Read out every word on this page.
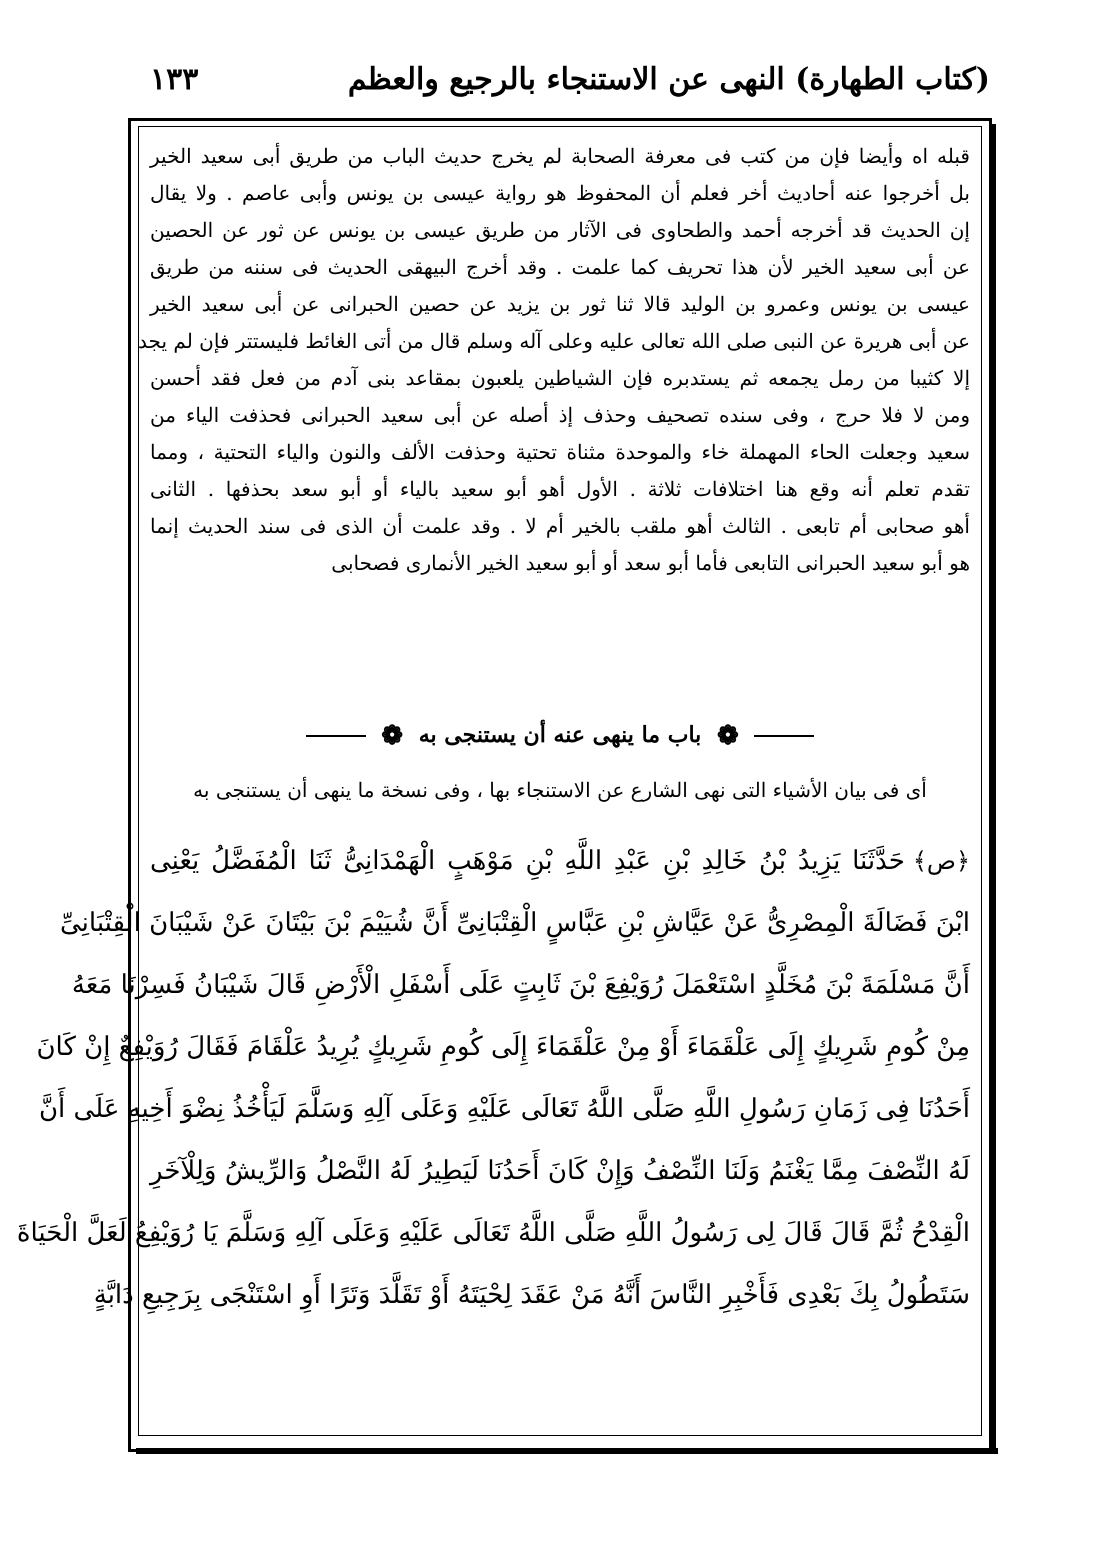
(كتاب الطهارة) النهى عن الاستنجاء بالرجيع والعظم
١٣٣
قبله اه وأيضا فإن من كتب فى معرفة الصحابة لم يخرج حديث الباب من طريق أبى سعيد الخير
بل أخرجوا عنه أحاديث أخر فعلم أن المحفوظ هو رواية عيسى بن يونس وأبى عاصم . ولا يقال
إن الحديث قد أخرجه أحمد والطحاوى فى الآثار من طريق عيسى بن يونس عن ثور عن الحصين
عن أبى سعيد الخير لأن هذا تحريف كما علمت . وقد أخرج البيهقى الحديث فى سننه من طريق
عيسى بن يونس وعمرو بن الوليد قالا ثنا ثور بن يزيد عن حصين الحبرانى عن أبى سعيد الخير
عن أبى هريرة عن النبى صلى الله تعالى عليه وعلى آله وسلم قال من أتى الغائط فليستتر فإن لم يجد
إلا كثيبا من رمل يجمعه ثم يستدبره فإن الشياطين يلعبون بمقاعد بنى آدم من فعل فقد أحسن
ومن لا فلا حرج ، وفى سنده تصحيف وحذف إذ أصله عن أبى سعيد الحبرانى فحذفت الياء من
سعيد وجعلت الحاء المهملة خاء والموحدة مثناة تحتية وحذفت الألف والنون والياء التحتية ، ومما
تقدم تعلم أنه وقع هنا اختلافات ثلاثة . الأول أهو أبو سعيد بالياء أو أبو سعد بحذفها . الثانى
أهو صحابى أم تابعى . الثالث أهو ملقب بالخير أم لا . وقد علمت أن الذى فى سند الحديث إنما
هو أبو سعيد الحبرانى التابعى فأما أبو سعد أو أبو سعيد الخير الأنمارى فصحابى
❁ باب ما ينهى عنه أن يستنجى به ❁
أى فى بيان الأشياء التى نهى الشارع عن الاستنجاء بها ، وفى نسخة ما ينهى أن يستنجى به
﴿ص﴾حَدَّثَنَا يَزِيدُ بْنُ خَالِدِ بْنِ عَبْدِ اللَّهِ بْنِ مَوْهَبٍ الْهَمْدَانِىُّ ثَنَا الْمُفَضَّلُ يَعْنِى
ابْنَ فَضَالَةَ الْمِصْرِىُّ عَنْ عَيَّاشِ بْنِ عَبَّاسٍ الْقِتْبَانِىِّ أَنَّ شُيَيْمَ بْنَ بَيْتَانَ عَنْ شَيْبَانَ الْقِتْبَانِىِّ
أَنَّ مَسْلَمَةَ بْنَ مُخَلَّدٍ اسْتَعْمَلَ رُوَيْفِعَ بْنَ ثَابِتٍ عَلَى أَسْفَلِ الْأَرْضِ قَالَ شَيْبَانُ فَسِرْنَا مَعَهُ
مِنْ كُومِ شَرِيكٍ إِلَى عَلْقَمَاءَ أَوْ مِنْ عَلْقَمَاءَ إِلَى كُومِ شَرِيكٍ يُرِيدُ عَلْقَامَ فَقَالَ رُوَيْفِعٌ إِنْ كَانَ
أَحَدُنَا فِى زَمَانِ رَسُولِ اللَّهِ صَلَّى اللَّهُ تَعَالَى عَلَيْهِ وَعَلَى آلِهِ وَسَلَّمَ لَيَأْخُذُ نِضْوَ أَخِيهِ عَلَى أَنَّ
لَهُ النِّصْفَ مِمَّا يَغْنَمُ وَلَنَا النِّصْفُ وَإِنْ كَانَ أَحَدُنَا لَيَطِيرُ لَهُ النَّصْلُ وَالرِّيشُ وَلِلْآخَرِ
الْقِدْحُ ثُمَّ قَالَ قَالَ لِى رَسُولُ اللَّهِ صَلَّى اللَّهُ تَعَالَى عَلَيْهِ وَعَلَى آلِهِ وَسَلَّمَ يَا رُوَيْفِعُ لَعَلَّ الْحَيَاةَ
سَتَطُولُ بِكَ بَعْدِى فَأَخْبِرِ النَّاسَ أَنَّهُ مَنْ عَقَدَ لِحْيَتَهُ أَوْ تَقَلَّدَ وَتَرًا أَوِ اسْتَنْجَى بِرَجِيعِ دَابَّةٍ
